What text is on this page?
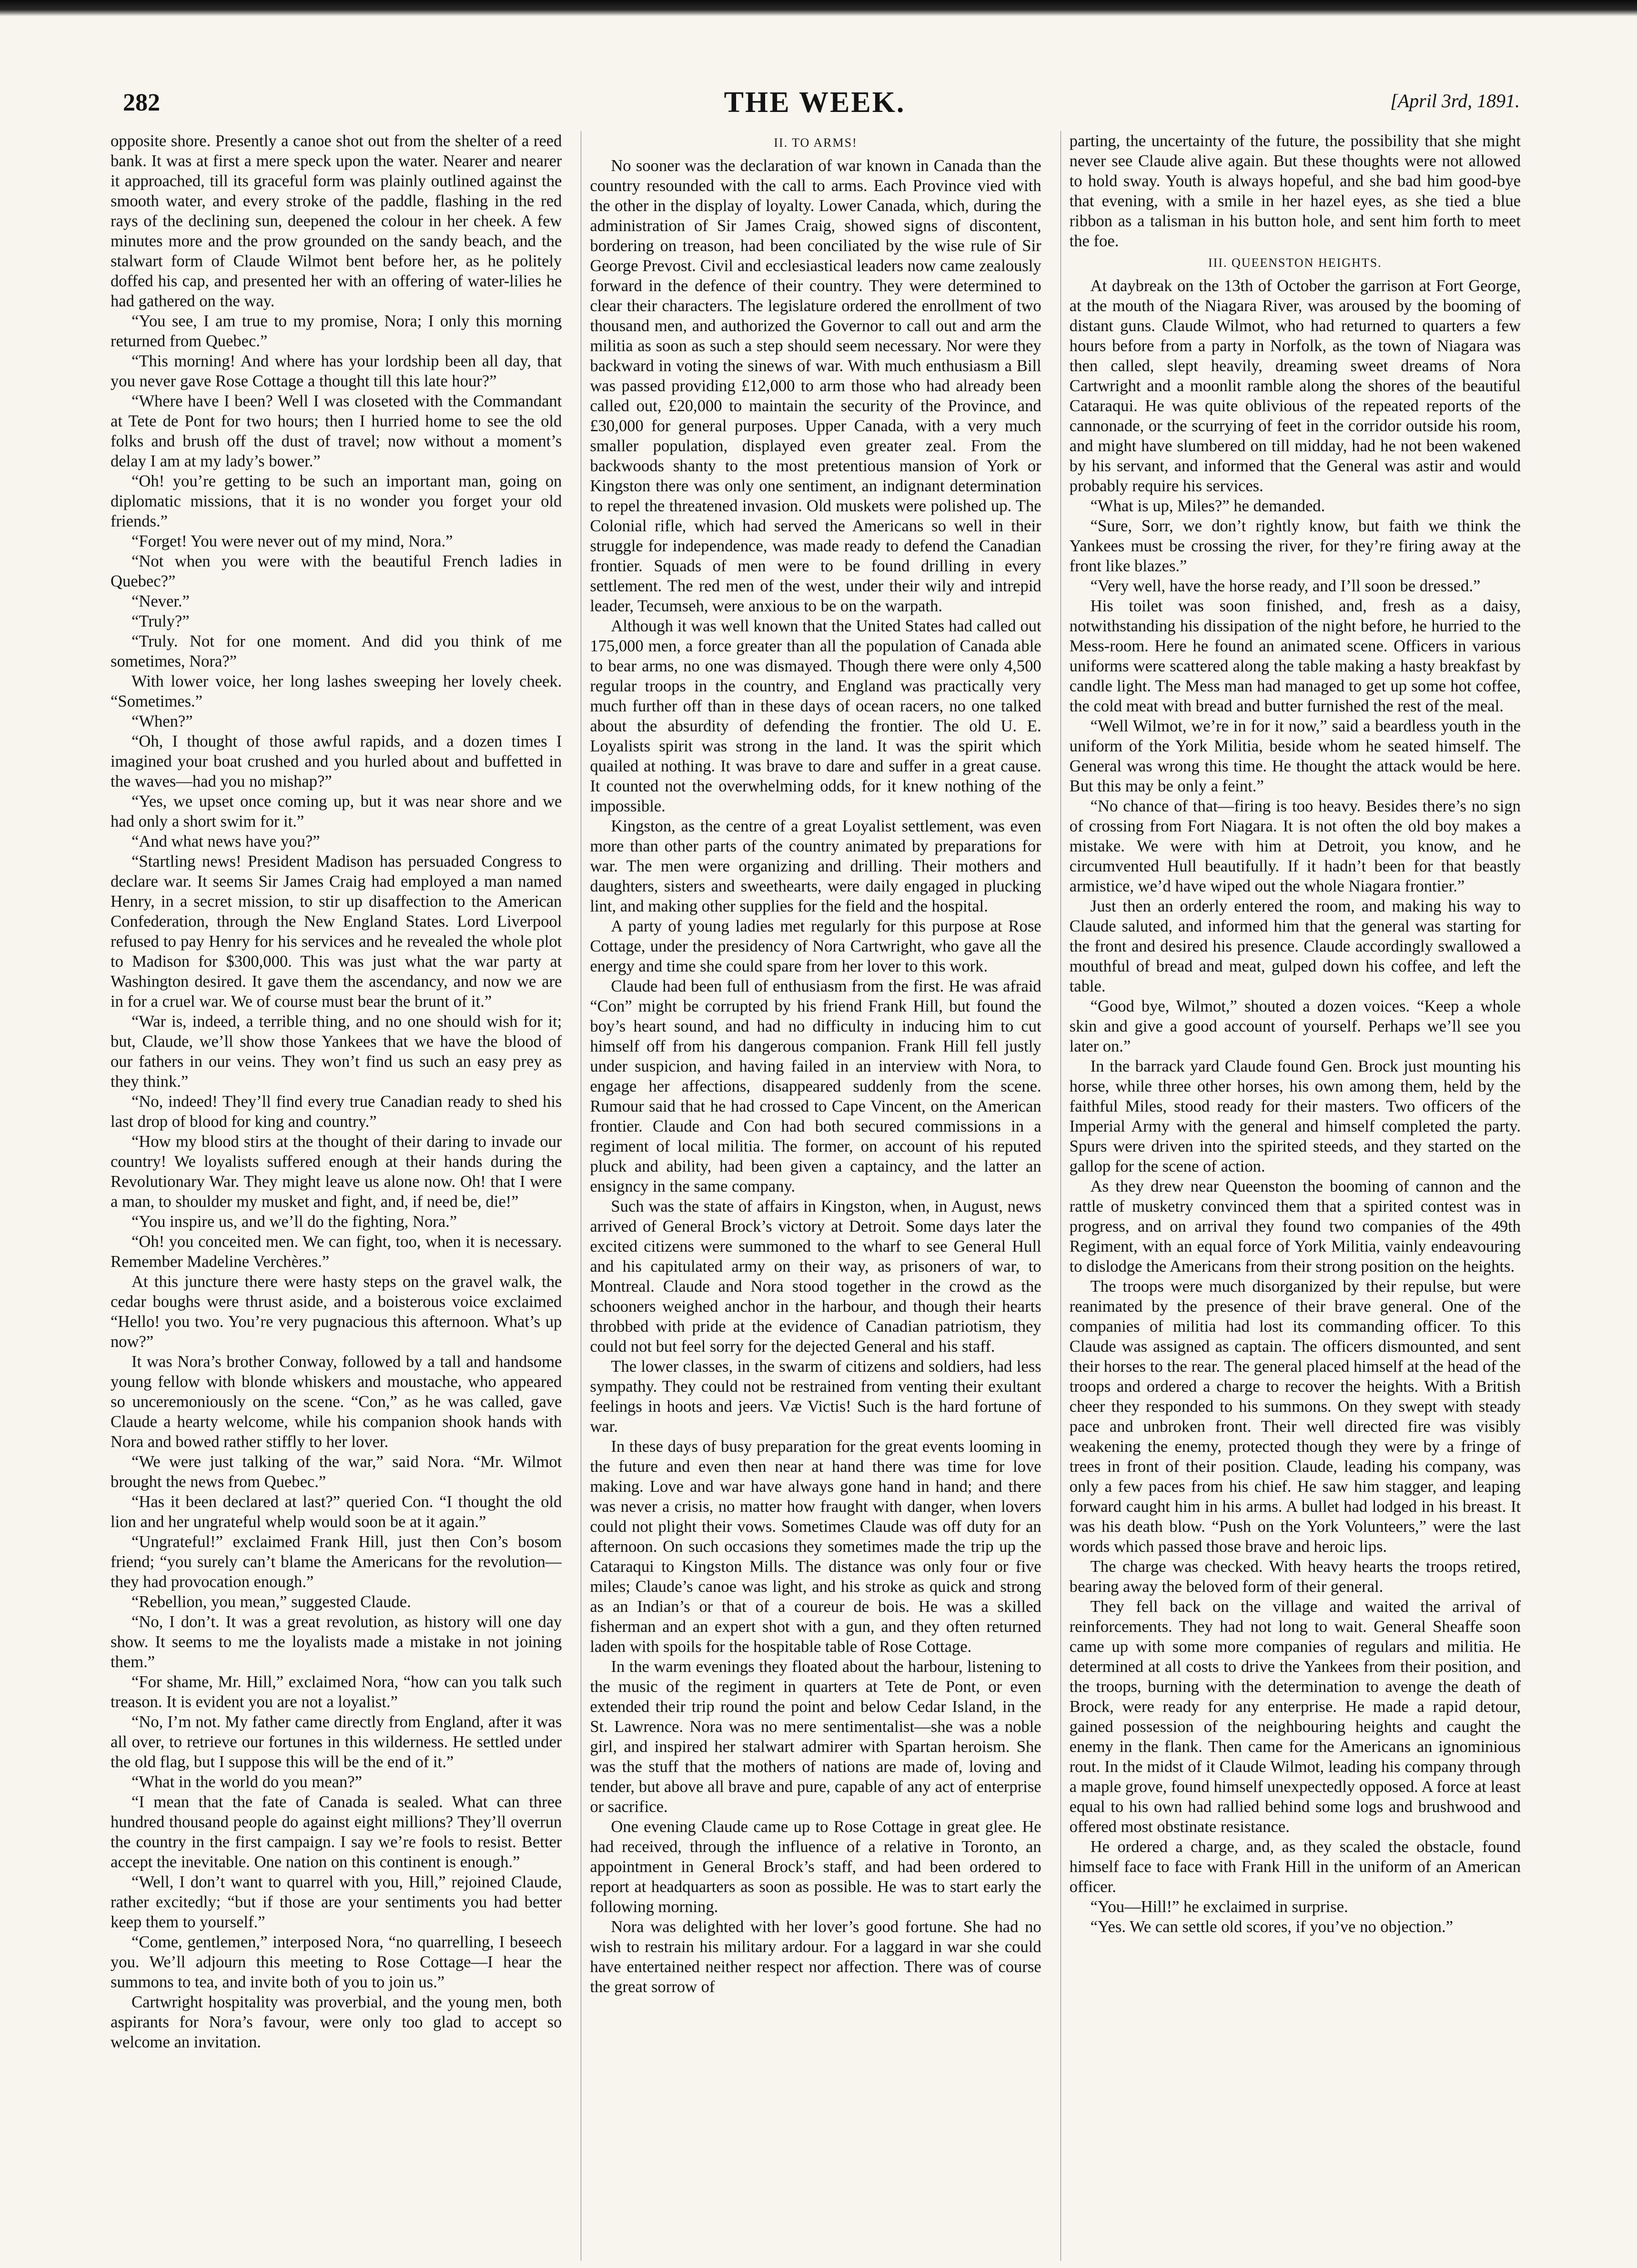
282	THE WEEK.	[April 3rd, 1891.

opposite shore. Presently a canoe shot out from the shelter of a reed bank. It was at first a mere speck upon the water. Nearer and nearer it approached, till its graceful form was plainly outlined against the smooth water, and every stroke of the paddle, flashing in the red rays of the declining sun, deepened the colour in her cheek. A few minutes more and the prow grounded on the sandy beach, and the stalwart form of Claude Wilmot bent before her, as he politely doffed his cap, and presented her with an offering of water-lilies he had gathered on the way.

“You see, I am true to my promise, Nora; I only this morning returned from Quebec.”

“This morning! And where has your lordship been all day, that you never gave Rose Cottage a thought till this late hour?”

“Where have I been? Well I was closeted with the Commandant at Tete de Pont for two hours; then I hurried home to see the old folks and brush off the dust of travel; now without a moment’s delay I am at my lady’s bower.”

“Oh! you’re getting to be such an important man, going on diplomatic missions, that it is no wonder you forget your old friends.”

“Forget! You were never out of my mind, Nora.”

“Not when you were with the beautiful French ladies in Quebec?”

“Never.”

“Truly?”

“Truly. Not for one moment. And did you think of me sometimes, Nora?”

With lower voice, her long lashes sweeping her lovely cheek. “Sometimes.”

“When?”

“Oh, I thought of those awful rapids, and a dozen times I imagined your boat crushed and you hurled about and buffetted in the waves—had you no mishap?”

“Yes, we upset once coming up, but it was near shore and we had only a short swim for it.”

“And what news have you?”

“Startling news! President Madison has persuaded Congress to declare war. It seems Sir James Craig had employed a man named Henry, in a secret mission, to stir up disaffection to the American Confederation, through the New England States. Lord Liverpool refused to pay Henry for his services and he revealed the whole plot to Madison for $300,000. This was just what the war party at Washington desired. It gave them the ascendancy, and now we are in for a cruel war. We of course must bear the brunt of it.”

“War is, indeed, a terrible thing, and no one should wish for it; but, Claude, we’ll show those Yankees that we have the blood of our fathers in our veins. They won’t find us such an easy prey as they think.”

“No, indeed! They’ll find every true Canadian ready to shed his last drop of blood for king and country.”

“How my blood stirs at the thought of their daring to invade our country! We loyalists suffered enough at their hands during the Revolutionary War. They might leave us alone now. Oh! that I were a man, to shoulder my musket and fight, and, if need be, die!”

“You inspire us, and we’ll do the fighting, Nora.”

“Oh! you conceited men. We can fight, too, when it is necessary. Remember Madeline Verchères.”

At this juncture there were hasty steps on the gravel walk, the cedar boughs were thrust aside, and a boisterous voice exclaimed “Hello! you two. You’re very pugnacious this afternoon. What’s up now?”

It was Nora’s brother Conway, followed by a tall and handsome young fellow with blonde whiskers and moustache, who appeared so unceremoniously on the scene. “Con,” as he was called, gave Claude a hearty welcome, while his companion shook hands with Nora and bowed rather stiffly to her lover.

“We were just talking of the war,” said Nora. “Mr. Wilmot brought the news from Quebec.”

“Has it been declared at last?” queried Con. “I thought the old lion and her ungrateful whelp would soon be at it again.”

“Ungrateful!” exclaimed Frank Hill, just then Con’s bosom friend; “you surely can’t blame the Americans for the revolution—they had provocation enough.”

“Rebellion, you mean,” suggested Claude.

“No, I don’t. It was a great revolution, as history will one day show. It seems to me the loyalists made a mistake in not joining them.”

“For shame, Mr. Hill,” exclaimed Nora, “how can you talk such treason. It is evident you are not a loyalist.”

“No, I’m not. My father came directly from England, after it was all over, to retrieve our fortunes in this wilderness. He settled under the old flag, but I suppose this will be the end of it.”

“What in the world do you mean?”

“I mean that the fate of Canada is sealed. What can three hundred thousand people do against eight millions? They’ll overrun the country in the first campaign. I say we’re fools to resist. Better accept the inevitable. One nation on this continent is enough.”

“Well, I don’t want to quarrel with you, Hill,” rejoined Claude, rather excitedly; “but if those are your sentiments you had better keep them to yourself.”

“Come, gentlemen,” interposed Nora, “no quarrelling, I beseech you. We’ll adjourn this meeting to Rose Cottage—I hear the summons to tea, and invite both of you to join us.”

Cartwright hospitality was proverbial, and the young men, both aspirants for Nora’s favour, were only too glad to accept so welcome an invitation.

II. TO ARMS!

No sooner was the declaration of war known in Canada than the country resounded with the call to arms. Each Province vied with the other in the display of loyalty. Lower Canada, which, during the administration of Sir James Craig, showed signs of discontent, bordering on treason, had been conciliated by the wise rule of Sir George Prevost. Civil and ecclesiastical leaders now came zealously forward in the defence of their country. They were determined to clear their characters. The legislature ordered the enrollment of two thousand men, and authorized the Governor to call out and arm the militia as soon as such a step should seem necessary. Nor were they backward in voting the sinews of war. With much enthusiasm a Bill was passed providing £12,000 to arm those who had already been called out, £20,000 to maintain the security of the Province, and £30,000 for general purposes. Upper Canada, with a very much smaller population, displayed even greater zeal. From the backwoods shanty to the most pretentious mansion of York or Kingston there was only one sentiment, an indignant determination to repel the threatened invasion. Old muskets were polished up. The Colonial rifle, which had served the Americans so well in their struggle for independence, was made ready to defend the Canadian frontier. Squads of men were to be found drilling in every settlement. The red men of the west, under their wily and intrepid leader, Tecumseh, were anxious to be on the warpath.

Although it was well known that the United States had called out 175,000 men, a force greater than all the population of Canada able to bear arms, no one was dismayed. Though there were only 4,500 regular troops in the country, and England was practically very much further off than in these days of ocean racers, no one talked about the absurdity of defending the frontier. The old U. E. Loyalists spirit was strong in the land. It was the spirit which quailed at nothing. It was brave to dare and suffer in a great cause. It counted not the overwhelming odds, for it knew nothing of the impossible.

Kingston, as the centre of a great Loyalist settlement, was even more than other parts of the country animated by preparations for war. The men were organizing and drilling. Their mothers and daughters, sisters and sweethearts, were daily engaged in plucking lint, and making other supplies for the field and the hospital.

A party of young ladies met regularly for this purpose at Rose Cottage, under the presidency of Nora Cartwright, who gave all the energy and time she could spare from her lover to this work.

Claude had been full of enthusiasm from the first. He was afraid “Con” might be corrupted by his friend Frank Hill, but found the boy’s heart sound, and had no difficulty in inducing him to cut himself off from his dangerous companion. Frank Hill fell justly under suspicion, and having failed in an interview with Nora, to engage her affections, disappeared suddenly from the scene. Rumour said that he had crossed to Cape Vincent, on the American frontier. Claude and Con had both secured commissions in a regiment of local militia. The former, on account of his reputed pluck and ability, had been given a captaincy, and the latter an ensigncy in the same company.

Such was the state of affairs in Kingston, when, in August, news arrived of General Brock’s victory at Detroit. Some days later the excited citizens were summoned to the wharf to see General Hull and his capitulated army on their way, as prisoners of war, to Montreal. Claude and Nora stood together in the crowd as the schooners weighed anchor in the harbour, and though their hearts throbbed with pride at the evidence of Canadian patriotism, they could not but feel sorry for the dejected General and his staff.

The lower classes, in the swarm of citizens and soldiers, had less sympathy. They could not be restrained from venting their exultant feelings in hoots and jeers. Væ Victis! Such is the hard fortune of war.

In these days of busy preparation for the great events looming in the future and even then near at hand there was time for love making. Love and war have always gone hand in hand; and there was never a crisis, no matter how fraught with danger, when lovers could not plight their vows. Sometimes Claude was off duty for an afternoon. On such occasions they sometimes made the trip up the Cataraqui to Kingston Mills. The distance was only four or five miles; Claude’s canoe was light, and his stroke as quick and strong as an Indian’s or that of a coureur de bois. He was a skilled fisherman and an expert shot with a gun, and they often returned laden with spoils for the hospitable table of Rose Cottage.

In the warm evenings they floated about the harbour, listening to the music of the regiment in quarters at Tete de Pont, or even extended their trip round the point and below Cedar Island, in the St. Lawrence. Nora was no mere sentimentalist—she was a noble girl, and inspired her stalwart admirer with Spartan heroism. She was the stuff that the mothers of nations are made of, loving and tender, but above all brave and pure, capable of any act of enterprise or sacrifice.

One evening Claude came up to Rose Cottage in great glee. He had received, through the influence of a relative in Toronto, an appointment in General Brock’s staff, and had been ordered to report at headquarters as soon as possible. He was to start early the following morning.

Nora was delighted with her lover’s good fortune. She had no wish to restrain his military ardour. For a laggard in war she could have entertained neither respect nor affection. There was of course the great sorrow of

parting, the uncertainty of the future, the possibility that she might never see Claude alive again. But these thoughts were not allowed to hold sway. Youth is always hopeful, and she bad him good-bye that evening, with a smile in her hazel eyes, as she tied a blue ribbon as a talisman in his button hole, and sent him forth to meet the foe.

III. QUEENSTON HEIGHTS.

At daybreak on the 13th of October the garrison at Fort George, at the mouth of the Niagara River, was aroused by the booming of distant guns. Claude Wilmot, who had returned to quarters a few hours before from a party in Norfolk, as the town of Niagara was then called, slept heavily, dreaming sweet dreams of Nora Cartwright and a moonlit ramble along the shores of the beautiful Cataraqui. He was quite oblivious of the repeated reports of the cannonade, or the scurrying of feet in the corridor outside his room, and might have slumbered on till midday, had he not been wakened by his servant, and informed that the General was astir and would probably require his services.

“What is up, Miles?” he demanded.

“Sure, Sorr, we don’t rightly know, but faith we think the Yankees must be crossing the river, for they’re firing away at the front like blazes.”

“Very well, have the horse ready, and I’ll soon be dressed.”

His toilet was soon finished, and, fresh as a daisy, notwithstanding his dissipation of the night before, he hurried to the Mess-room. Here he found an animated scene. Officers in various uniforms were scattered along the table making a hasty breakfast by candle light. The Mess man had managed to get up some hot coffee, the cold meat with bread and butter furnished the rest of the meal.

“Well Wilmot, we’re in for it now,” said a beardless youth in the uniform of the York Militia, beside whom he seated himself. The General was wrong this time. He thought the attack would be here. But this may be only a feint.”

“No chance of that—firing is too heavy. Besides there’s no sign of crossing from Fort Niagara. It is not often the old boy makes a mistake. We were with him at Detroit, you know, and he circumvented Hull beautifully. If it hadn’t been for that beastly armistice, we’d have wiped out the whole Niagara frontier.”

Just then an orderly entered the room, and making his way to Claude saluted, and informed him that the general was starting for the front and desired his presence. Claude accordingly swallowed a mouthful of bread and meat, gulped down his coffee, and left the table.

“Good bye, Wilmot,” shouted a dozen voices. “Keep a whole skin and give a good account of yourself. Perhaps we’ll see you later on.”

In the barrack yard Claude found Gen. Brock just mounting his horse, while three other horses, his own among them, held by the faithful Miles, stood ready for their masters. Two officers of the Imperial Army with the general and himself completed the party. Spurs were driven into the spirited steeds, and they started on the gallop for the scene of action.

As they drew near Queenston the booming of cannon and the rattle of musketry convinced them that a spirited contest was in progress, and on arrival they found two companies of the 49th Regiment, with an equal force of York Militia, vainly endeavouring to dislodge the Americans from their strong position on the heights.

The troops were much disorganized by their repulse, but were reanimated by the presence of their brave general. One of the companies of militia had lost its commanding officer. To this Claude was assigned as captain. The officers dismounted, and sent their horses to the rear. The general placed himself at the head of the troops and ordered a charge to recover the heights. With a British cheer they responded to his summons. On they swept with steady pace and unbroken front. Their well directed fire was visibly weakening the enemy, protected though they were by a fringe of trees in front of their position. Claude, leading his company, was only a few paces from his chief. He saw him stagger, and leaping forward caught him in his arms. A bullet had lodged in his breast. It was his death blow. “Push on the York Volunteers,” were the last words which passed those brave and heroic lips.

The charge was checked. With heavy hearts the troops retired, bearing away the beloved form of their general.

They fell back on the village and waited the arrival of reinforcements. They had not long to wait. General Sheaffe soon came up with some more companies of regulars and militia. He determined at all costs to drive the Yankees from their position, and the troops, burning with the determination to avenge the death of Brock, were ready for any enterprise. He made a rapid detour, gained possession of the neighbouring heights and caught the enemy in the flank. Then came for the Americans an ignominious rout. In the midst of it Claude Wilmot, leading his company through a maple grove, found himself unexpectedly opposed. A force at least equal to his own had rallied behind some logs and brushwood and offered most obstinate resistance.

He ordered a charge, and, as they scaled the obstacle, found himself face to face with Frank Hill in the uniform of an American officer.

“You—Hill!” he exclaimed in surprise.

“Yes. We can settle old scores, if you’ve no objection.”
